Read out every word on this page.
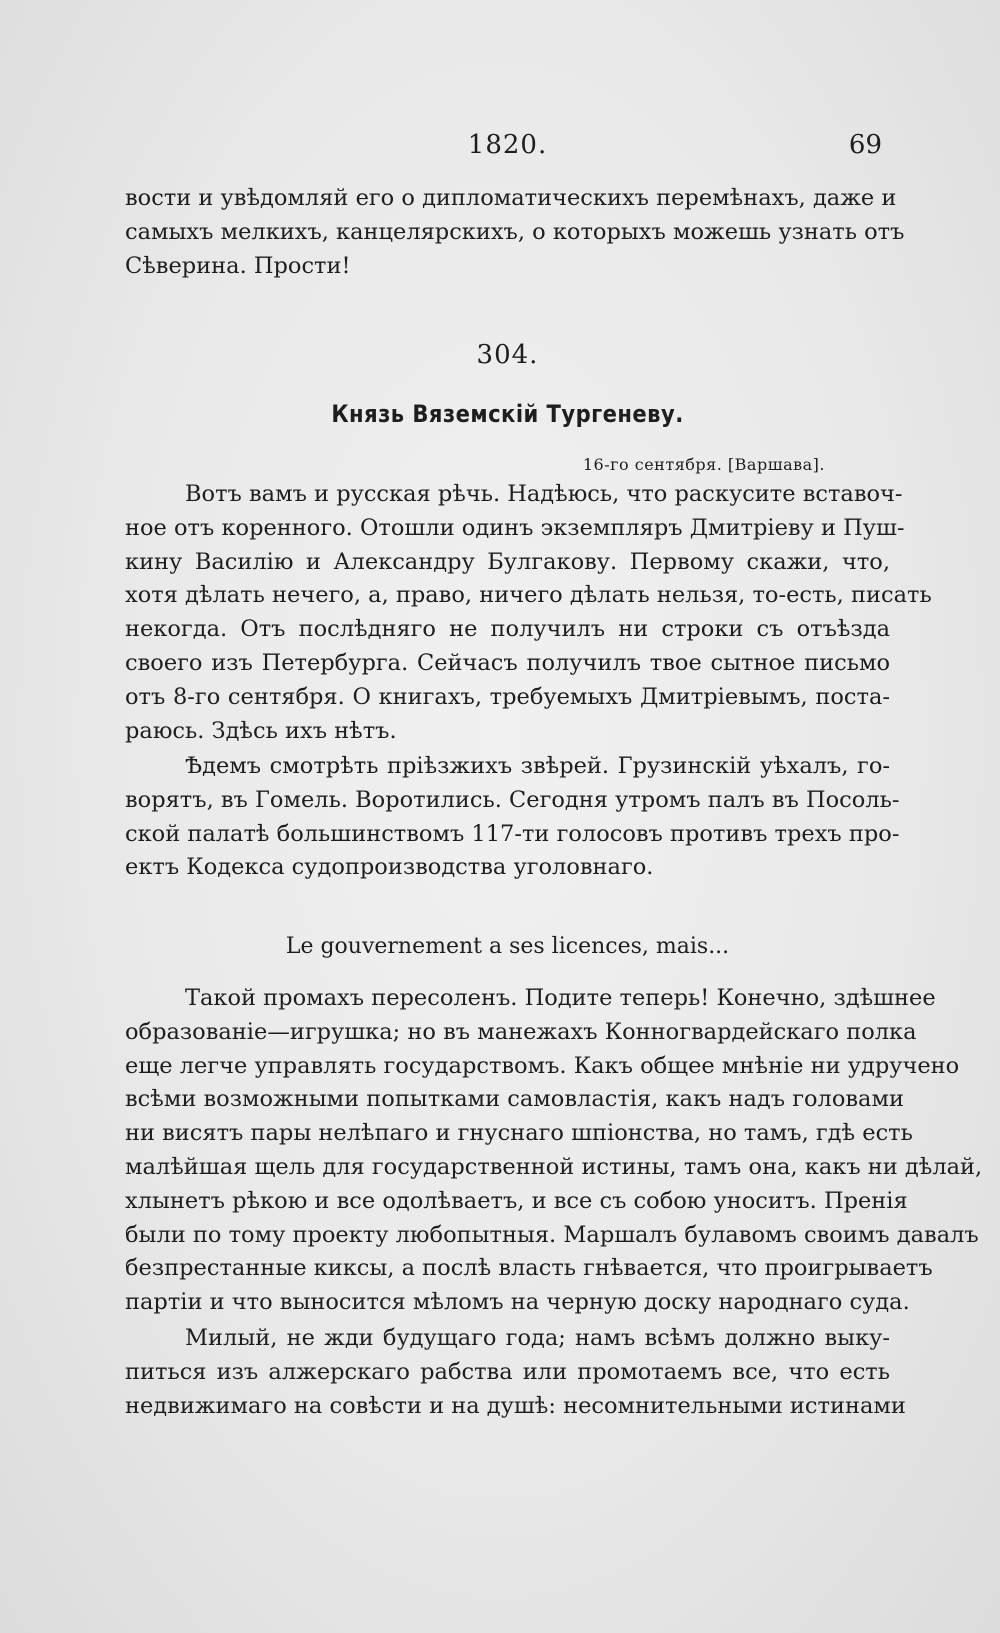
1820.	69
вости и увѣдомляй его о дипломатическихъ перемѣнахъ, даже и
самыхъ мелкихъ, канцелярскихъ, о которыхъ можешь узнать отъ
Сѣверина. Прости!
304.
Князь Вяземскій Тургеневу.
16-го сентября. [Варшава].
Вотъ вамъ и русская рѣчь. Надѣюсь, что раскусите вставоч-
ное отъ коренного. Отошли одинъ экземпляръ Дмитріеву и Пуш-
кину Василію и Александру Булгакову. Первому скажи, что,
хотя дѣлать нечего, а, право, ничего дѣлать нельзя, то-есть, писать
некогда. Отъ послѣдняго не получилъ ни строки съ отъѣзда
своего изъ Петербурга. Сейчасъ получилъ твое сытное письмо
отъ 8-го сентября. О книгахъ, требуемыхъ Дмитріевымъ, поста-
раюсь. Здѣсь ихъ нѣтъ.
Ѣдемъ смотрѣть пріѣзжихъ звѣрей. Грузинскій уѣхалъ, го-
ворятъ, въ Гомель. Воротились. Сегодня утромъ палъ въ Посоль-
ской палатѣ большинствомъ 117-ти голосовъ противъ трехъ про-
ектъ Кодекса судопроизводства уголовнаго.
Le gouvernement a ses licences, mais...
Такой промахъ пересоленъ. Подите теперь! Конечно, здѣшнее
образованіе—игрушка; но въ манежахъ Конногвардейскаго полка
еще легче управлять государствомъ. Какъ общее мнѣніе ни удручено
всѣми возможными попытками самовластія, какъ надъ головами
ни висятъ пары нелѣпаго и гнуснаго шпіонства, но тамъ, гдѣ есть
малѣйшая щель для государственной истины, тамъ она, какъ ни дѣлай,
хлынетъ рѣкою и все одолѣваетъ, и все съ собою уноситъ. Пренія
были по тому проекту любопытныя. Маршалъ булавомъ своимъ давалъ
безпрестанные киксы, а послѣ власть гнѣвается, что проигрываетъ
партіи и что выносится мѣломъ на черную доску народнаго суда.
Милый, не жди будущаго года; намъ всѣмъ должно выку-
питься изъ алжерскаго рабства или промотаемъ все, что есть
недвижимаго на совѣсти и на душѣ: несомнительными истинами
